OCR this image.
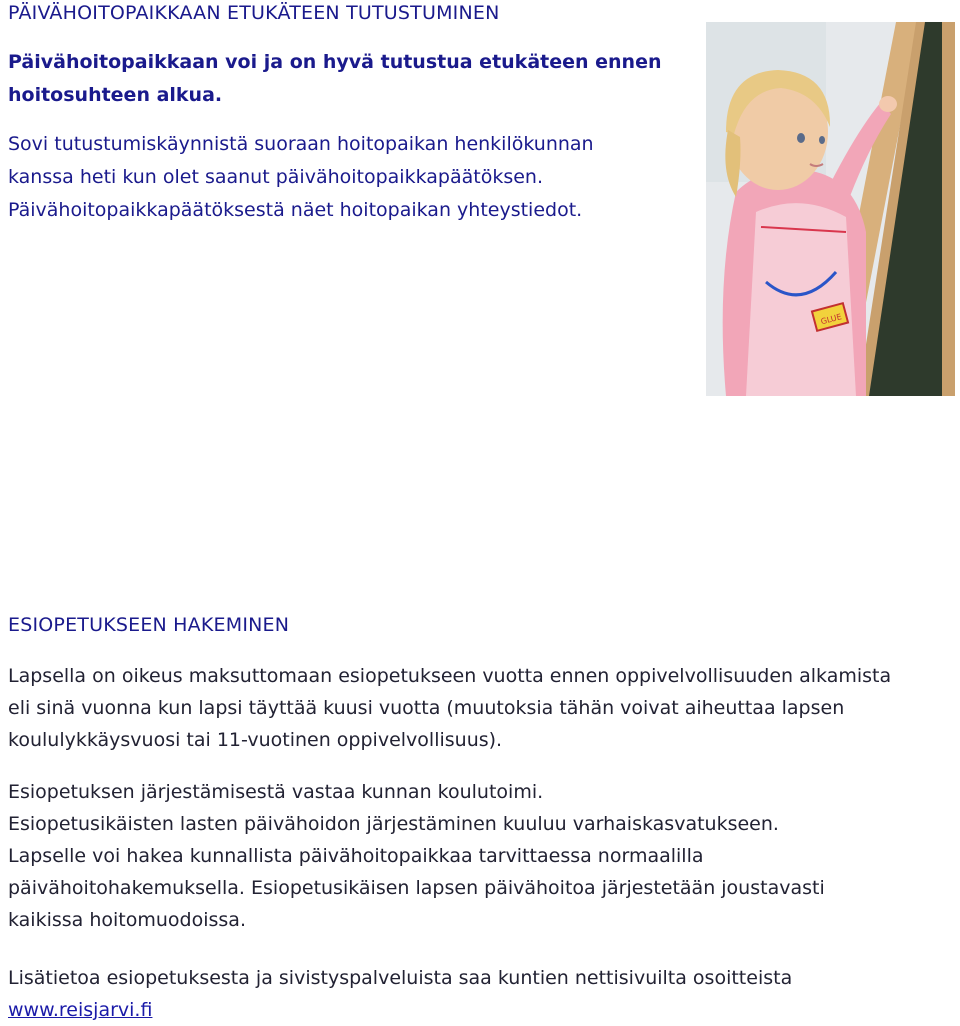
PÄIVÄHOITOPAIKKAAN ETUKÄTEEN TUTUSTUMINEN

Päivähoitopaikkaan voi ja on hyvä tutustua etukäteen ennen
hoitosuhteen alkua.

Sovi tutustumiskäynnistä suoraan hoitopaikan henkilökunnan
kanssa heti kun olet saanut päivähoitopaikkapäätöksen.
Päivähoitopaikkapäätöksestä näet hoitopaikan yhteystiedot.

GLUE
ESIOPETUKSEEN HAKEMINEN

Lapsella on oikeus maksuttomaan esiopetukseen vuotta ennen oppivelvollisuuden alkamista
eli sinä vuonna kun lapsi täyttää kuusi vuotta (muutoksia tähän voivat aiheuttaa lapsen
koululykkäysvuosi tai 11-vuotinen oppivelvollisuus).

Esiopetuksen järjestämisestä vastaa kunnan koulutoimi.
Esiopetusikäisten lasten päivähoidon järjestäminen kuuluu varhaiskasvatukseen.
Lapselle voi hakea kunnallista päivähoitopaikkaa tarvittaessa normaalilla
päivähoitohakemuksella. Esiopetusikäisen lapsen päivähoitoa järjestetään joustavasti
kaikissa hoitomuodoissa.

Lisätietoa esiopetuksesta ja sivistyspalveluista saa kuntien nettisivuilta osoitteista
www.reisjarvi.fi
